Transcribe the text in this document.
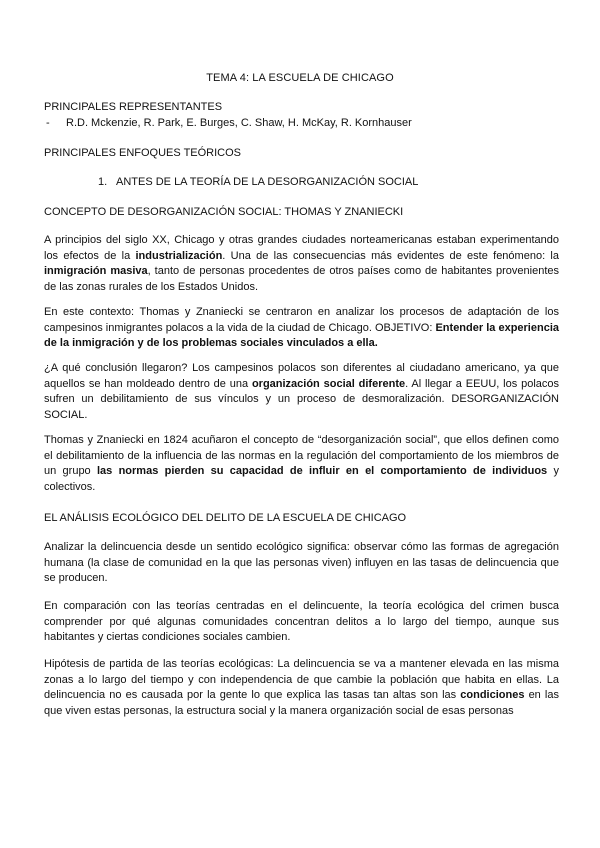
TEMA 4: LA ESCUELA DE CHICAGO
PRINCIPALES REPRESENTANTES
- R.D. Mckenzie, R. Park, E. Burges, C. Shaw, H. McKay, R. Kornhauser
PRINCIPALES ENFOQUES TEÓRICOS
1. ANTES DE LA TEORÍA DE LA DESORGANIZACIÓN SOCIAL
CONCEPTO DE DESORGANIZACIÓN SOCIAL: THOMAS Y ZNANIECKI
A principios del siglo XX, Chicago y otras grandes ciudades norteamericanas estaban experimentando los efectos de la industrialización. Una de las consecuencias más evidentes de este fenómeno: la inmigración masiva, tanto de personas procedentes de otros países como de habitantes provenientes de las zonas rurales de los Estados Unidos.
En este contexto: Thomas y Znaniecki se centraron en analizar los procesos de adaptación de los campesinos inmigrantes polacos a la vida de la ciudad de Chicago. OBJETIVO: Entender la experiencia de la inmigración y de los problemas sociales vinculados a ella.
¿A qué conclusión llegaron? Los campesinos polacos son diferentes al ciudadano americano, ya que aquellos se han moldeado dentro de una organización social diferente. Al llegar a EEUU, los polacos sufren un debilitamiento de sus vínculos y un proceso de desmoralización. DESORGANIZACIÓN SOCIAL.
Thomas y Znaniecki en 1824 acuñaron el concepto de “desorganización social”, que ellos definen como el debilitamiento de la influencia de las normas en la regulación del comportamiento de los miembros de un grupo las normas pierden su capacidad de influir en el comportamiento de individuos y colectivos.
EL ANÁLISIS ECOLÓGICO DEL DELITO DE LA ESCUELA DE CHICAGO
Analizar la delincuencia desde un sentido ecológico significa: observar cómo las formas de agregación humana (la clase de comunidad en la que las personas viven) influyen en las tasas de delincuencia que se producen.
En comparación con las teorías centradas en el delincuente, la teoría ecológica del crimen busca comprender por qué algunas comunidades concentran delitos a lo largo del tiempo, aunque sus habitantes y ciertas condiciones sociales cambien.
Hipótesis de partida de las teorías ecológicas: La delincuencia se va a mantener elevada en las misma zonas a lo largo del tiempo y con independencia de que cambie la población que habita en ellas. La delincuencia no es causada por la gente lo que explica las tasas tan altas son las condiciones en las que viven estas personas, la estructura social y la manera organización social de esas personas
